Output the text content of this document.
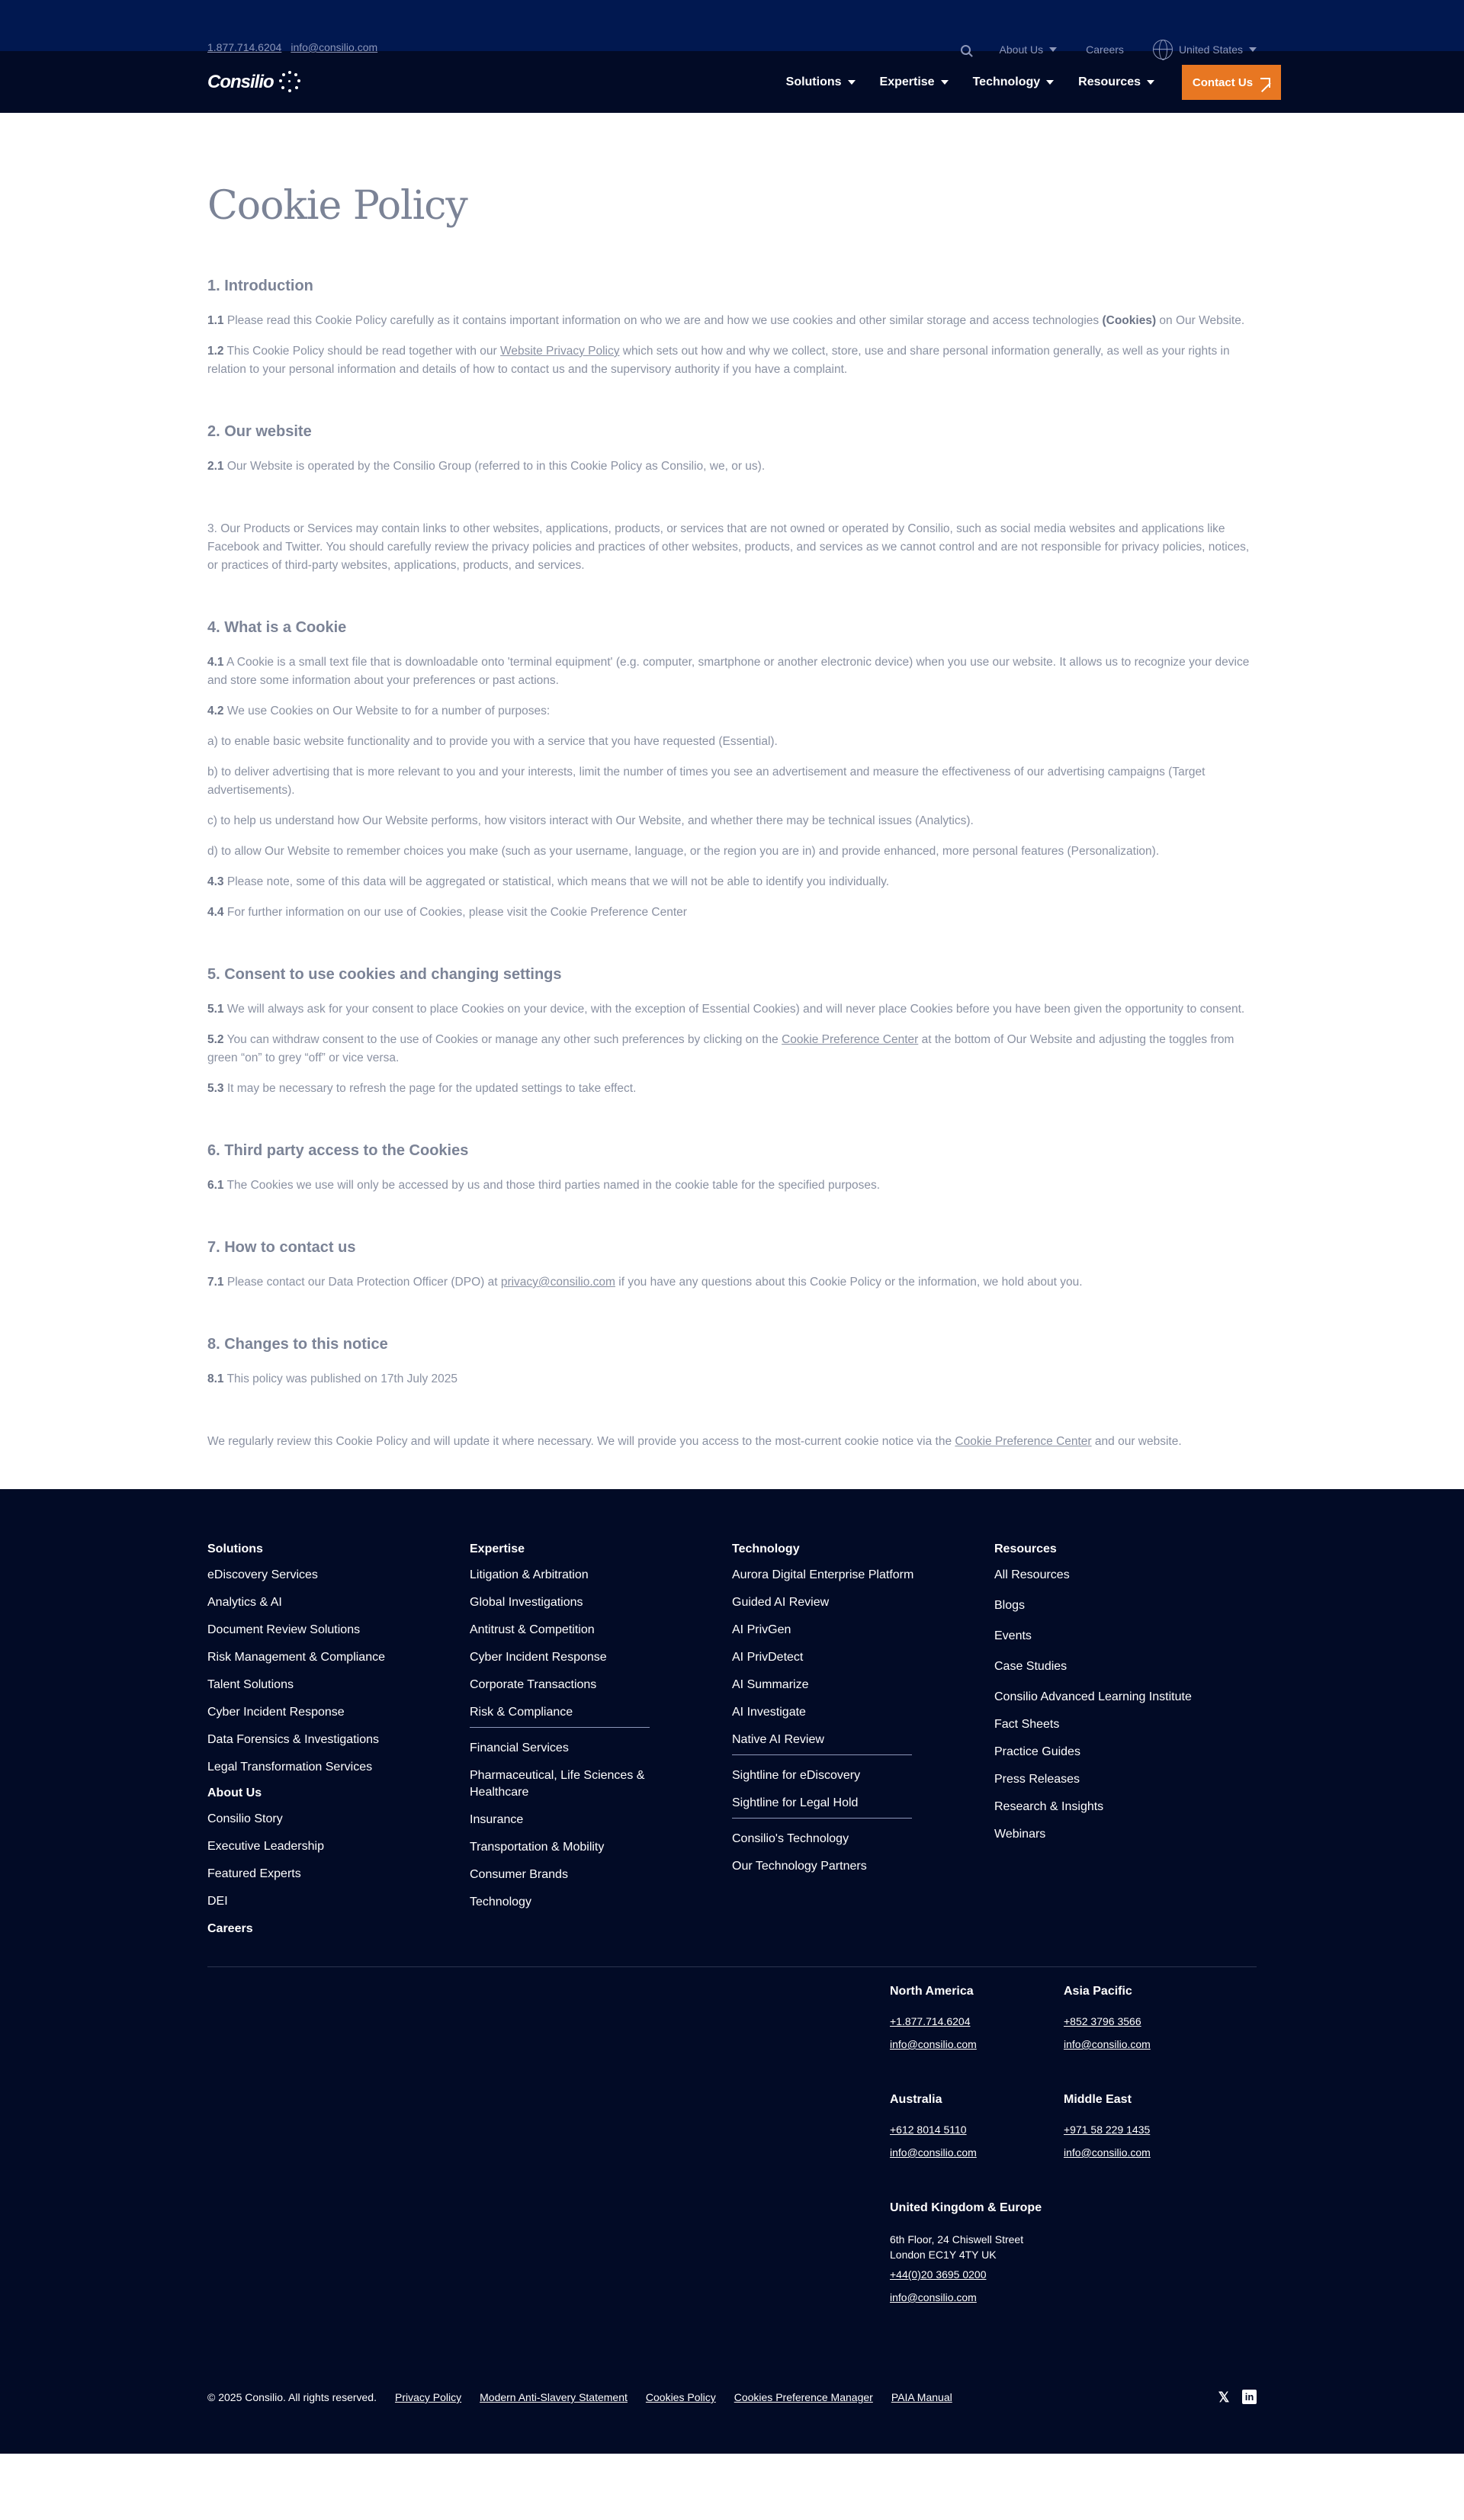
1.877.714.6204 info@consilio.com	About Us	Careers	United States
Consilio	Solutions	Expertise	Technology	Resources	Contact Us
Cookie Policy
1. Introduction

1.1 Please read this Cookie Policy carefully as it contains important information on who we are and how we use cookies and other similar storage and access technologies (Cookies) on Our Website.

1.2 This Cookie Policy should be read together with our Website Privacy Policy which sets out how and why we collect, store, use and share personal information generally, as well as your rights in relation to your personal information and details of how to contact us and the supervisory authority if you have a complaint.

2. Our website

2.1 Our Website is operated by the Consilio Group (referred to in this Cookie Policy as Consilio, we, or us).

3. Our Products or Services may contain links to other websites, applications, products, or services that are not owned or operated by Consilio, such as social media websites and applications like Facebook and Twitter. You should carefully review the privacy policies and practices of other websites, products, and services as we cannot control and are not responsible for privacy policies, notices, or practices of third-party websites, applications, products, and services.

4. What is a Cookie

4.1 A Cookie is a small text file that is downloadable onto 'terminal equipment' (e.g. computer, smartphone or another electronic device) when you use our website. It allows us to recognize your device and store some information about your preferences or past actions.

4.2 We use Cookies on Our Website to for a number of purposes:

a) to enable basic website functionality and to provide you with a service that you have requested (Essential).

b) to deliver advertising that is more relevant to you and your interests, limit the number of times you see an advertisement and measure the effectiveness of our advertising campaigns (Target advertisements).

c) to help us understand how Our Website performs, how visitors interact with Our Website, and whether there may be technical issues (Analytics).

d) to allow Our Website to remember choices you make (such as your username, language, or the region you are in) and provide enhanced, more personal features (Personalization).

4.3 Please note, some of this data will be aggregated or statistical, which means that we will not be able to identify you individually.

4.4 For further information on our use of Cookies, please visit the Cookie Preference Center

5. Consent to use cookies and changing settings

5.1 We will always ask for your consent to place Cookies on your device, with the exception of Essential Cookies) and will never place Cookies before you have been given the opportunity to consent.

5.2 You can withdraw consent to the use of Cookies or manage any other such preferences by clicking on the Cookie Preference Center at the bottom of Our Website and adjusting the toggles from green “on” to grey “off” or vice versa.

5.3 It may be necessary to refresh the page for the updated settings to take effect.

6. Third party access to the Cookies

6.1 The Cookies we use will only be accessed by us and those third parties named in the cookie table for the specified purposes.

7. How to contact us

7.1 Please contact our Data Protection Officer (DPO) at privacy@consilio.com if you have any questions about this Cookie Policy or the information, we hold about you.

8. Changes to this notice

8.1 This policy was published on 17th July 2025

We regularly review this Cookie Policy and will update it where necessary. We will provide you access to the most-current cookie notice via the Cookie Preference Center and our website.

Solutions
eDiscovery Services
Analytics & AI
Document Review Solutions
Risk Management & Compliance
Talent Solutions
Cyber Incident Response
Data Forensics & Investigations
Legal Transformation Services
About Us
Consilio Story
Executive Leadership
Featured Experts
DEI
Careers
Expertise
Litigation & Arbitration
Global Investigations
Antitrust & Competition
Cyber Incident Response
Corporate Transactions
Risk & Compliance
Financial Services
Pharmaceutical, Life Sciences & Healthcare
Insurance
Transportation & Mobility
Consumer Brands
Technology
Technology
Aurora Digital Enterprise Platform
Guided AI Review
AI PrivGen
AI PrivDetect
AI Summarize
AI Investigate
Native AI Review
Sightline for eDiscovery
Sightline for Legal Hold
Consilio's Technology
Our Technology Partners
Resources
All Resources
Blogs
Events
Case Studies
Consilio Advanced Learning Institute
Fact Sheets
Practice Guides
Press Releases
Research & Insights
Webinars
North America
+1.877.714.6204
info@consilio.com
Asia Pacific
+852 3796 3566
info@consilio.com
Australia
+612 8014 5110
info@consilio.com
Middle East
+971 58 229 1435
info@consilio.com
United Kingdom & Europe
6th Floor, 24 Chiswell Street
London EC1Y 4TY UK
+44(0)20 3695 0200
info@consilio.com
© 2025 Consilio. All rights reserved. Privacy Policy Modern Anti-Slavery Statement Cookies Policy Cookies Preference Manager PAIA Manual	𝕏 in
